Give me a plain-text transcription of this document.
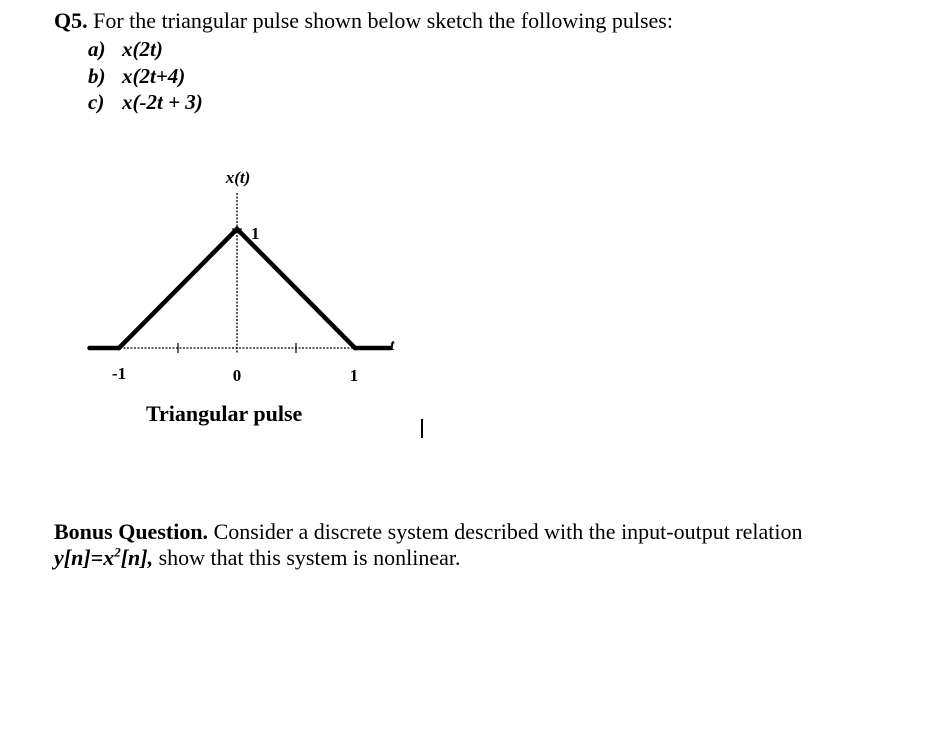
Q5. For the triangular pulse shown below sketch the following pulses:
a) x(2t)
b) x(2t+4)
c) x(-2t + 3)
x(t)
1
t
-1	0	1
Triangular pulse
Bonus Question. Consider a discrete system described with the input-output relation
$y[n]=x^2[n]$, show that this system is nonlinear.
